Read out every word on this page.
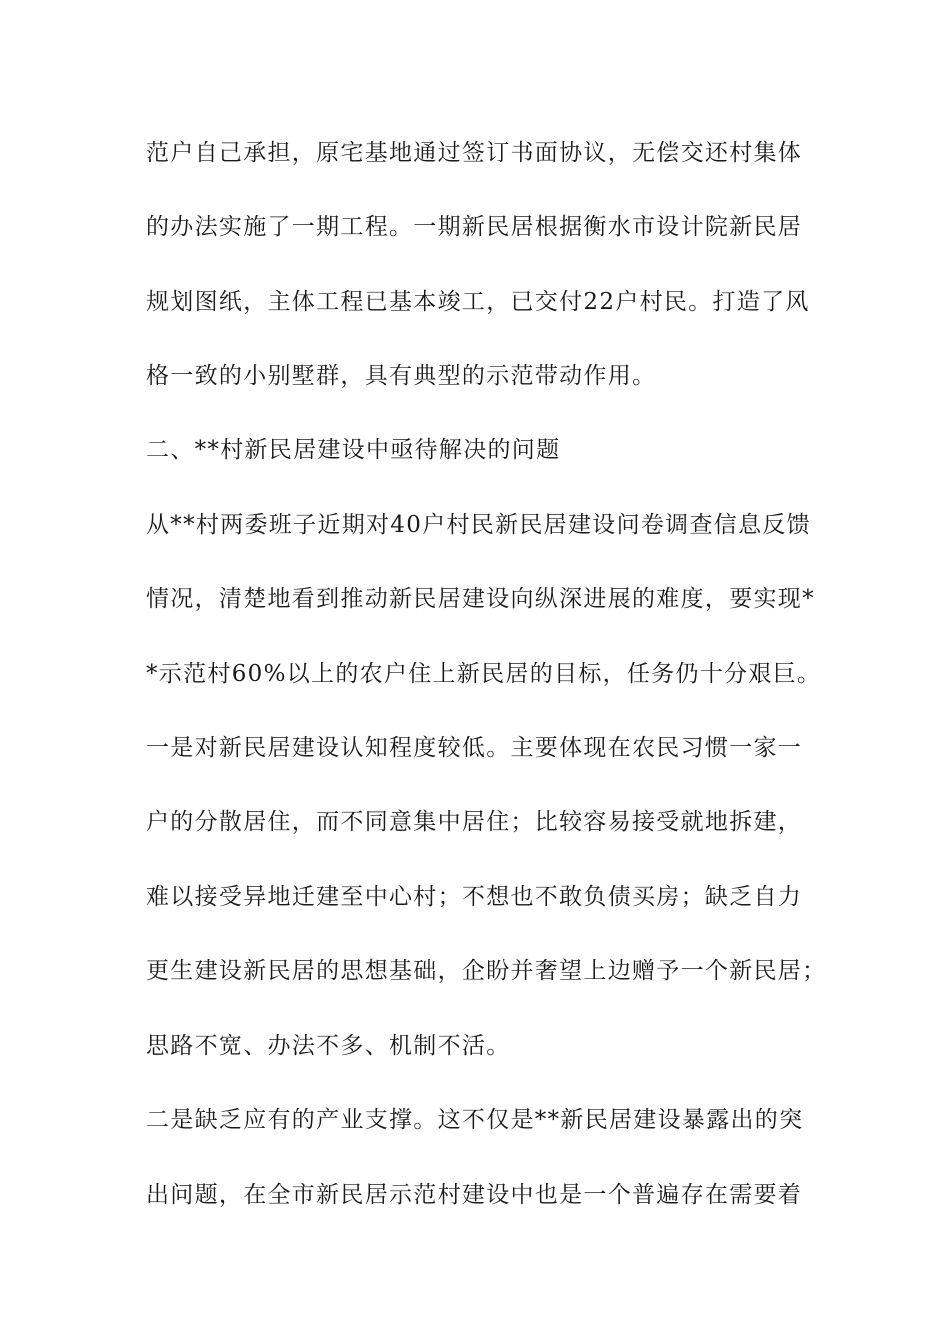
范户自己承担，原宅基地通过签订书面协议，无偿交还村集体
的办法实施了一期工程。一期新民居根据衡水市设计院新民居
规划图纸，主体工程已基本竣工，已交付22户村民。打造了风
格一致的小别墅群，具有典型的示范带动作用。
二、**村新民居建设中亟待解决的问题
从**村两委班子近期对40户村民新民居建设问卷调查信息反馈
情况，清楚地看到推动新民居建设向纵深进展的难度，要实现*
*示范村60%以上的农户住上新民居的目标，任务仍十分艰巨。
一是对新民居建设认知程度较低。主要体现在农民习惯一家一
户的分散居住，而不同意集中居住；比较容易接受就地拆建，
难以接受异地迁建至中心村；不想也不敢负债买房；缺乏自力
更生建设新民居的思想基础，企盼并奢望上边赠予一个新民居；
思路不宽、办法不多、机制不活。
二是缺乏应有的产业支撑。这不仅是**新民居建设暴露出的突
出问题，在全市新民居示范村建设中也是一个普遍存在需要着
